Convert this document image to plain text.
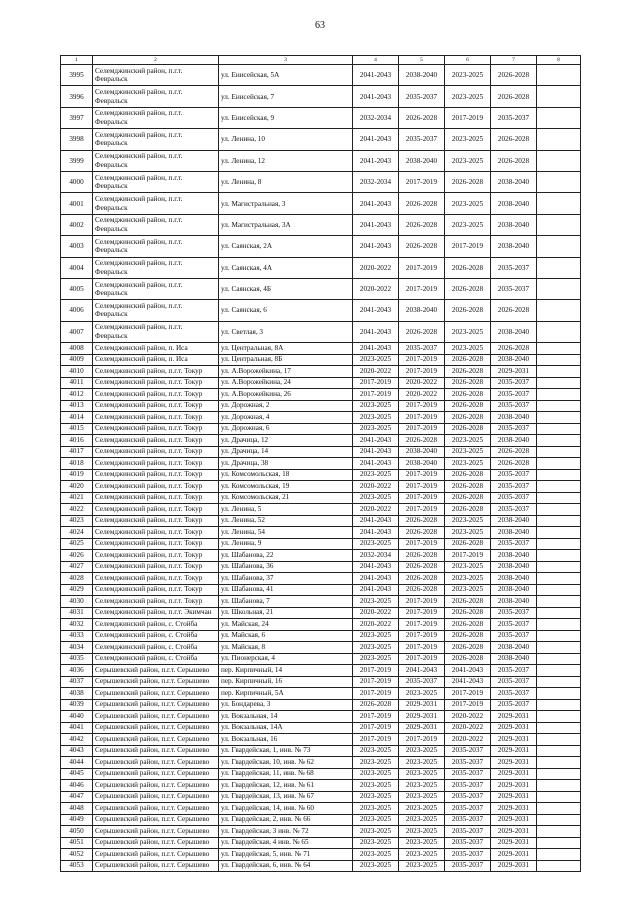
63
1	2	3	4	5	6	7	8
3995	Селемджинский район, п.г.т. Февральск	ул. Енисейская, 5А	2041-2043	2038-2040	2023-2025	2026-2028	
3996	Селемджинский район, п.г.т. Февральск	ул. Енисейская, 7	2041-2043	2035-2037	2023-2025	2026-2028	
3997	Селемджинский район, п.г.т. Февральск	ул. Енисейская, 9	2032-2034	2026-2028	2017-2019	2035-2037	
3998	Селемджинский район, п.г.т. Февральск	ул. Ленина, 10	2041-2043	2035-2037	2023-2025	2026-2028	
3999	Селемджинский район, п.г.т. Февральск	ул. Ленина, 12	2041-2043	2038-2040	2023-2025	2026-2028	
4000	Селемджинский район, п.г.т. Февральск	ул. Ленина, 8	2032-2034	2017-2019	2026-2028	2038-2040	
4001	Селемджинский район, п.г.т. Февральск	ул. Магистральная, 3	2041-2043	2026-2028	2023-2025	2038-2040	
4002	Селемджинский район, п.г.т. Февральск	ул. Магистральная, 3А	2041-2043	2026-2028	2023-2025	2038-2040	
4003	Селемджинский район, п.г.т. Февральск	ул. Саянская, 2А	2041-2043	2026-2028	2017-2019	2038-2040	
4004	Селемджинский район, п.г.т. Февральск	ул. Саянская, 4А	2020-2022	2017-2019	2026-2028	2035-2037	
4005	Селемджинский район, п.г.т. Февральск	ул. Саянская, 4Б	2020-2022	2017-2019	2026-2028	2035-2037	
4006	Селемджинский район, п.г.т. Февральск	ул. Саянская, 6	2041-2043	2038-2040	2026-2028	2026-2028	
4007	Селемджинский район, п.г.т. Февральск	ул. Светлая, 3	2041-2043	2026-2028	2023-2025	2038-2040	
4008	Селемджинский район, п. Иса	ул. Центральная, 8А	2041-2043	2035-2037	2023-2025	2026-2028	
4009	Селемджинский район, п. Иса	ул. Центральная, 8Б	2023-2025	2017-2019	2026-2028	2038-2040	
4010	Селемджинский район, п.г.т. Токур	ул. А.Ворожейкина, 17	2020-2022	2017-2019	2026-2028	2029-2031	
4011	Селемджинский район, п.г.т. Токур	ул. А.Ворожейкина, 24	2017-2019	2020-2022	2026-2028	2035-2037	
4012	Селемджинский район, п.г.т. Токур	ул. А.Ворожейкина, 26	2017-2019	2020-2022	2026-2028	2035-2037	
4013	Селемджинский район, п.г.т. Токур	ул. Дорожная, 2	2023-2025	2017-2019	2026-2028	2035-2037	
4014	Селемджинский район, п.г.т. Токур	ул. Дорожная, 4	2023-2025	2017-2019	2026-2028	2038-2040	
4015	Селемджинский район, п.г.т. Токур	ул. Дорожная, 6	2023-2025	2017-2019	2026-2028	2035-2037	
4016	Селемджинский район, п.г.т. Токур	ул. Драчица, 12	2041-2043	2026-2028	2023-2025	2038-2040	
4017	Селемджинский район, п.г.т. Токур	ул. Драчица, 14	2041-2043	2038-2040	2023-2025	2026-2028	
4018	Селемджинский район, п.г.т. Токур	ул. Драчица, 38	2041-2043	2038-2040	2023-2025	2026-2028	
4019	Селемджинский район, п.г.т. Токур	ул. Комсомольская, 18	2023-2025	2017-2019	2026-2028	2035-2037	
4020	Селемджинский район, п.г.т. Токур	ул. Комсомольская, 19	2020-2022	2017-2019	2026-2028	2035-2037	
4021	Селемджинский район, п.г.т. Токур	ул. Комсомольская, 21	2023-2025	2017-2019	2026-2028	2035-2037	
4022	Селемджинский район, п.г.т. Токур	ул. Ленина, 5	2020-2022	2017-2019	2026-2028	2035-2037	
4023	Селемджинский район, п.г.т. Токур	ул. Ленина, 52	2041-2043	2026-2028	2023-2025	2038-2040	
4024	Селемджинский район, п.г.т. Токур	ул. Ленина, 54	2041-2043	2026-2028	2023-2025	2038-2040	
4025	Селемджинский район, п.г.т. Токур	ул. Ленина, 9	2023-2025	2017-2019	2026-2028	2035-2037	
4026	Селемджинский район, п.г.т. Токур	ул. Шабанова, 22	2032-2034	2026-2028	2017-2019	2038-2040	
4027	Селемджинский район, п.г.т. Токур	ул. Шабанова, 36	2041-2043	2026-2028	2023-2025	2038-2040	
4028	Селемджинский район, п.г.т. Токур	ул. Шабанова, 37	2041-2043	2026-2028	2023-2025	2038-2040	
4029	Селемджинский район, п.г.т. Токур	ул. Шабанова, 41	2041-2043	2026-2028	2023-2025	2038-2040	
4030	Селемджинский район, п.г.т. Токур	ул. Шабанова, 7	2023-2025	2017-2019	2026-2028	2038-2040	
4031	Селемджинский район, п.г.т. Экимчан	ул. Школьная, 21	2020-2022	2017-2019	2026-2028	2035-2037	
4032	Селемджинский район, с. Стойба	ул. Майская, 24	2020-2022	2017-2019	2026-2028	2035-2037	
4033	Селемджинский район, с. Стойба	ул. Майская, 6	2023-2025	2017-2019	2026-2028	2035-2037	
4034	Селемджинский район, с. Стойба	ул. Майская, 8	2023-2025	2017-2019	2026-2028	2038-2040	
4035	Селемджинский район, с. Стойба	ул. Пионерская, 4	2023-2025	2017-2019	2026-2028	2038-2040	
4036	Серышевский район, п.г.т. Серышево	пер. Кирпичный, 14	2017-2019	2041-2043	2041-2043	2035-2037	
4037	Серышевский район, п.г.т. Серышево	пер. Кирпичный, 16	2017-2019	2035-2037	2041-2043	2035-2037	
4038	Серышевский район, п.г.т. Серышево	пер. Кирпичный, 5А	2017-2019	2023-2025	2017-2019	2035-2037	
4039	Серышевский район, п.г.т. Серышево	ул. Бондарева, 3	2026-2028	2029-2031	2017-2019	2035-2037	
4040	Серышевский район, п.г.т. Серышево	ул. Вокзальная, 14	2017-2019	2029-2031	2020-2022	2029-2031	
4041	Серышевский район, п.г.т. Серышево	ул. Вокзальная, 14А	2017-2019	2029-2031	2020-2022	2029-2031	
4042	Серышевский район, п.г.т. Серышево	ул. Вокзальная, 16	2017-2019	2017-2019	2020-2022	2029-2031	
4043	Серышевский район, п.г.т. Серышево	ул. Гвардейская, 1, инв. № 73	2023-2025	2023-2025	2035-2037	2029-2031	
4044	Серышевский район, п.г.т. Серышево	ул. Гвардейская, 10, инв. № 62	2023-2025	2023-2025	2035-2037	2029-2031	
4045	Серышевский район, п.г.т. Серышево	ул. Гвардейская, 11, инв. № 68	2023-2025	2023-2025	2035-2037	2029-2031	
4046	Серышевский район, п.г.т. Серышево	ул. Гвардейская, 12, инв. № 61	2023-2025	2023-2025	2035-2037	2029-2031	
4047	Серышевский район, п.г.т. Серышево	ул. Гвардейская, 13, инв. № 67	2023-2025	2023-2025	2035-2037	2029-2031	
4048	Серышевский район, п.г.т. Серышево	ул. Гвардейская, 14, инв. № 60	2023-2025	2023-2025	2035-2037	2029-2031	
4049	Серышевский район, п.г.т. Серышево	ул. Гвардейская, 2, инв. № 66	2023-2025	2023-2025	2035-2037	2029-2031	
4050	Серышевский район, п.г.т. Серышево	ул. Гвардейская, 3 инв. № 72	2023-2025	2023-2025	2035-2037	2029-2031	
4051	Серышевский район, п.г.т. Серышево	ул. Гвардейская, 4 инв. № 65	2023-2025	2023-2025	2035-2037	2029-2031	
4052	Серышевский район, п.г.т. Серышево	ул. Гвардейская, 5, инв. № 71	2023-2025	2023-2025	2035-2037	2029-2031	
4053	Серышевский район, п.г.т. Серышево	ул. Гвардейская, 6, инв. № 64	2023-2025	2023-2025	2035-2037	2029-2031	
